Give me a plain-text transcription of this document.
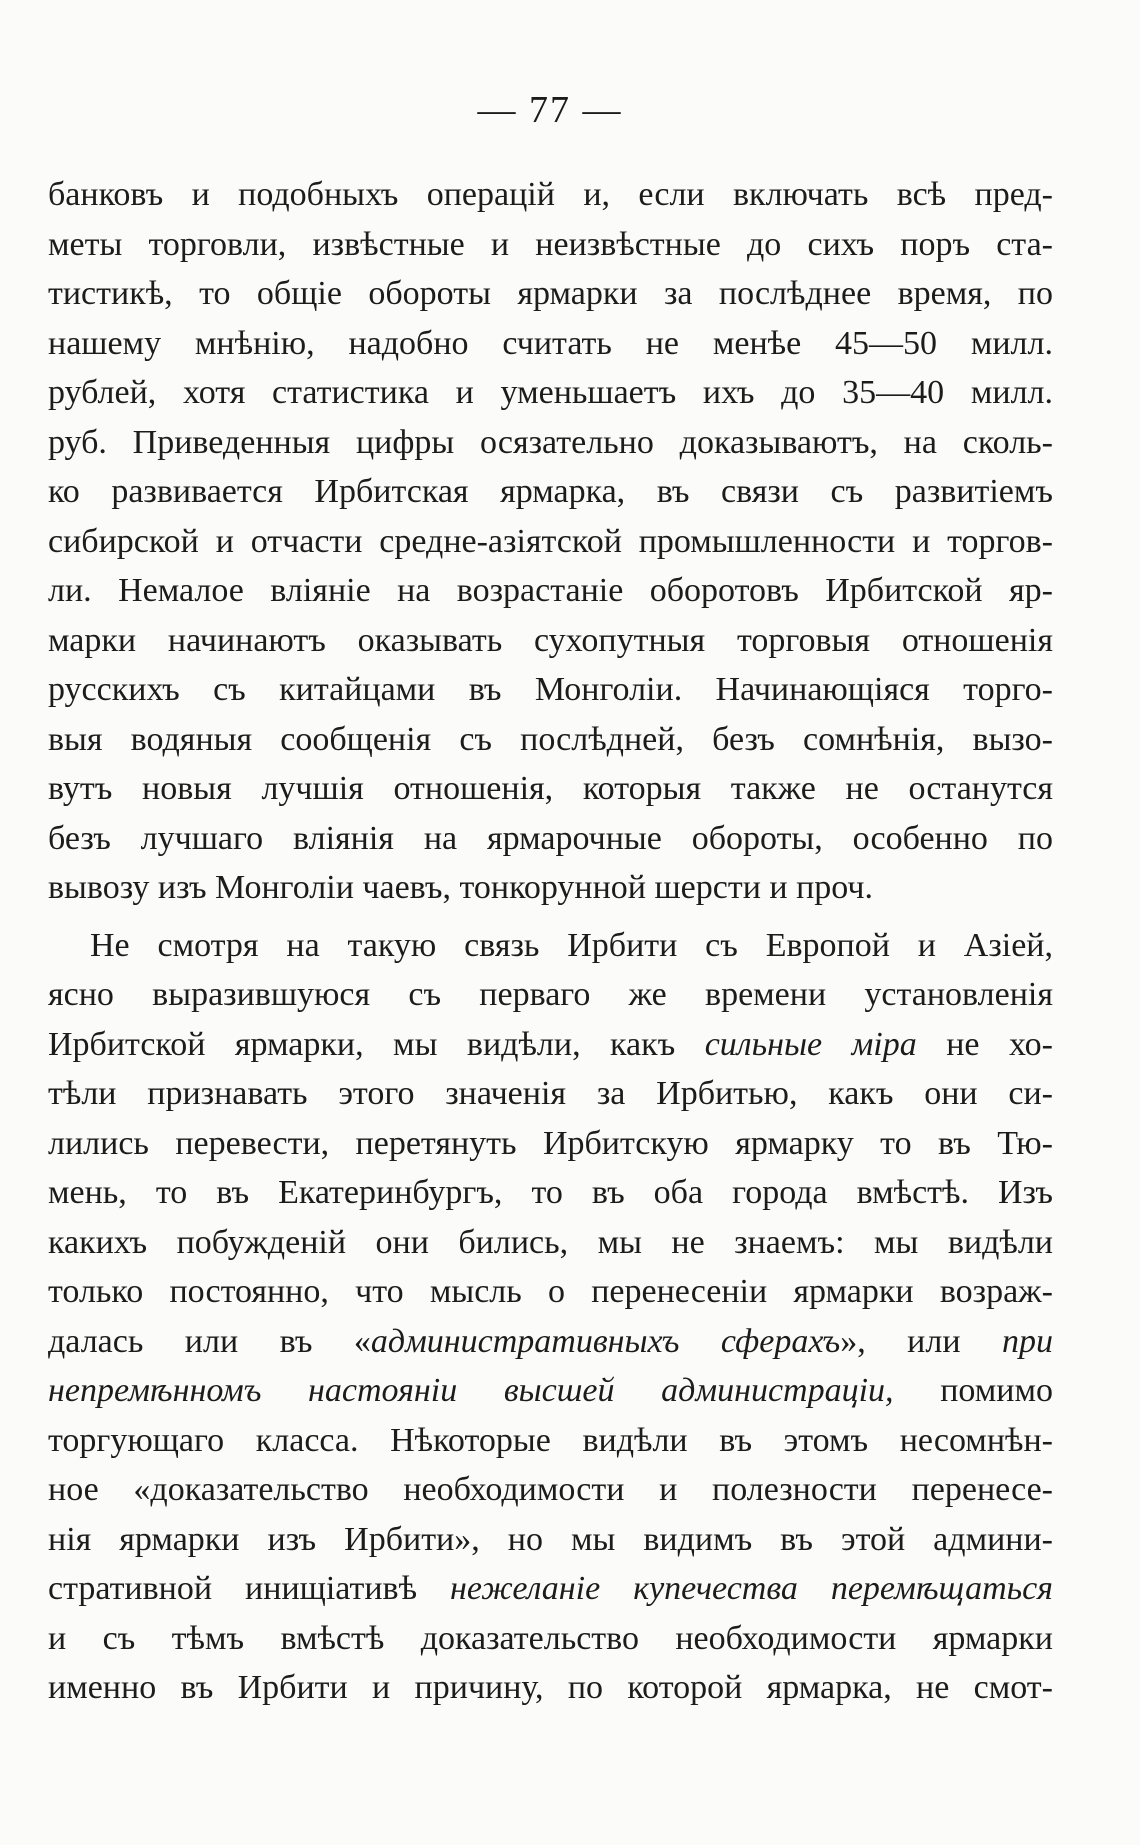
— 77 —
банковъ и подобныхъ операцій и, если включать всѣ пред-
меты торговли, извѣстные и неизвѣстные до сихъ поръ ста-
тистикѣ, то общіе обороты ярмарки за послѣднее время, по
нашему мнѣнію, надобно считать не менѣе 45—50 милл.
рублей, хотя статистика и уменьшаетъ ихъ до 35—40 милл.
руб. Приведенныя цифры осязательно доказываютъ, на сколь-
ко развивается Ирбитская ярмарка, въ связи съ развитіемъ
сибирской и отчасти средне-азіятской промышленности и торгов-
ли. Немалое вліяніе на возрастаніе оборотовъ Ирбитской яр-
марки начинаютъ оказывать сухопутныя торговыя отношенія
русскихъ съ китайцами въ Монголіи. Начинающіяся торго-
выя водяныя сообщенія съ послѣдней, безъ сомнѣнія, вызо-
вутъ новыя лучшія отношенія, которыя также не останутся
безъ лучшаго вліянія на ярмарочные обороты, особенно по
вывозу изъ Монголіи чаевъ, тонкорунной шерсти и проч.
Не смотря на такую связь Ирбити съ Европой и Азіей,
ясно выразившуюся съ перваго же времени установленія
Ирбитской ярмарки, мы видѣли, какъ сильные міра не хо-
тѣли признавать этого значенія за Ирбитью, какъ они си-
лились перевести, перетянуть Ирбитскую ярмарку то въ Тю-
мень, то въ Екатеринбургъ, то въ оба города вмѣстѣ. Изъ
какихъ побужденій они бились, мы не знаемъ: мы видѣли
только постоянно, что мысль о перенесеніи ярмарки возраж-
далась или въ «административныхъ сферахъ», или при
непремѣнномъ настояніи высшей администраціи, помимо
торгующаго класса. Нѣкоторые видѣли въ этомъ несомнѣн-
ное «доказательство необходимости и полезности перенесе-
нія ярмарки изъ Ирбити», но мы видимъ въ этой админи-
стративной инищіативѣ нежеланіе купечества перемѣщаться
и съ тѣмъ вмѣстѣ доказательство необходимости ярмарки
именно въ Ирбити и причину, по которой ярмарка, не смот-
